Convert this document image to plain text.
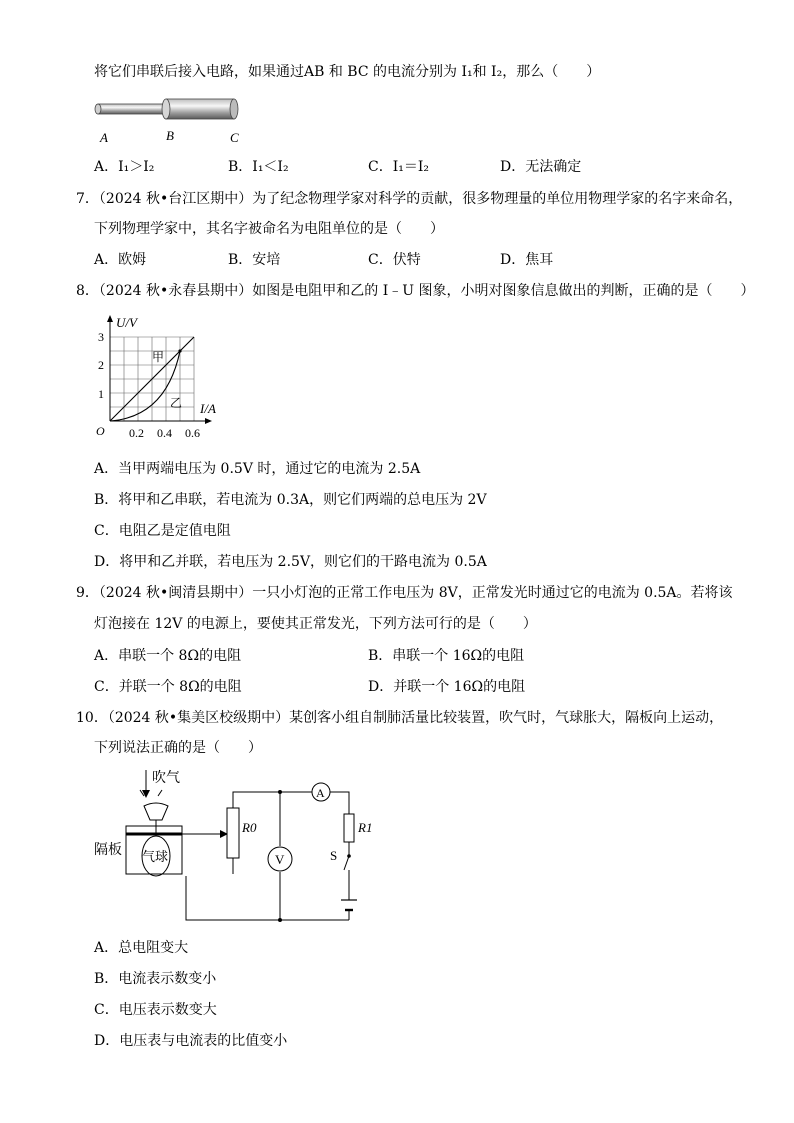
将它们串联后接入电路，如果通过AB 和 BC 的电流分别为 I₁和 I₂，那么（　　）
A	B	C
A．I₁＞I₂	B．I₁＜I₂	C．I₁＝I₂	D．无法确定
7．（2024 秋•台江区期中）为了纪念物理学家对科学的贡献，很多物理量的单位用物理学家的名字来命名，
下列物理学家中，其名字被命名为电阻单位的是（　　）
A．欧姆	B．安培	C．伏特	D．焦耳
8．（2024 秋•永春县期中）如图是电阻甲和乙的 I﹣U 图象，小明对图象信息做出的判断，正确的是（　　）
U/V
I/A
O
1
2
3
0.2 0.4 0.6
甲
乙
A．当甲两端电压为 0.5V 时，通过它的电流为 2.5A
B．将甲和乙串联，若电流为 0.3A，则它们两端的总电压为 2V
C．电阻乙是定值电阻
D．将甲和乙并联，若电压为 2.5V，则它们的干路电流为 0.5A
9．（2024 秋•闽清县期中）一只小灯泡的正常工作电压为 8V，正常发光时通过它的电流为 0.5A。若将该
灯泡接在 12V 的电源上，要使其正常发光，下列方法可行的是（　　）
A．串联一个 8Ω的电阻	B．串联一个 16Ω的电阻
C．并联一个 8Ω的电阻	D．并联一个 16Ω的电阻
10．（2024 秋•集美区校级期中）某创客小组自制肺活量比较装置，吹气时，气球胀大，隔板向上运动，
下列说法正确的是（　　）
吹气
气球
隔板
R0
A
V
R1
S
A．总电阻变大
B．电流表示数变小
C．电压表示数变大
D．电压表与电流表的比值变小
